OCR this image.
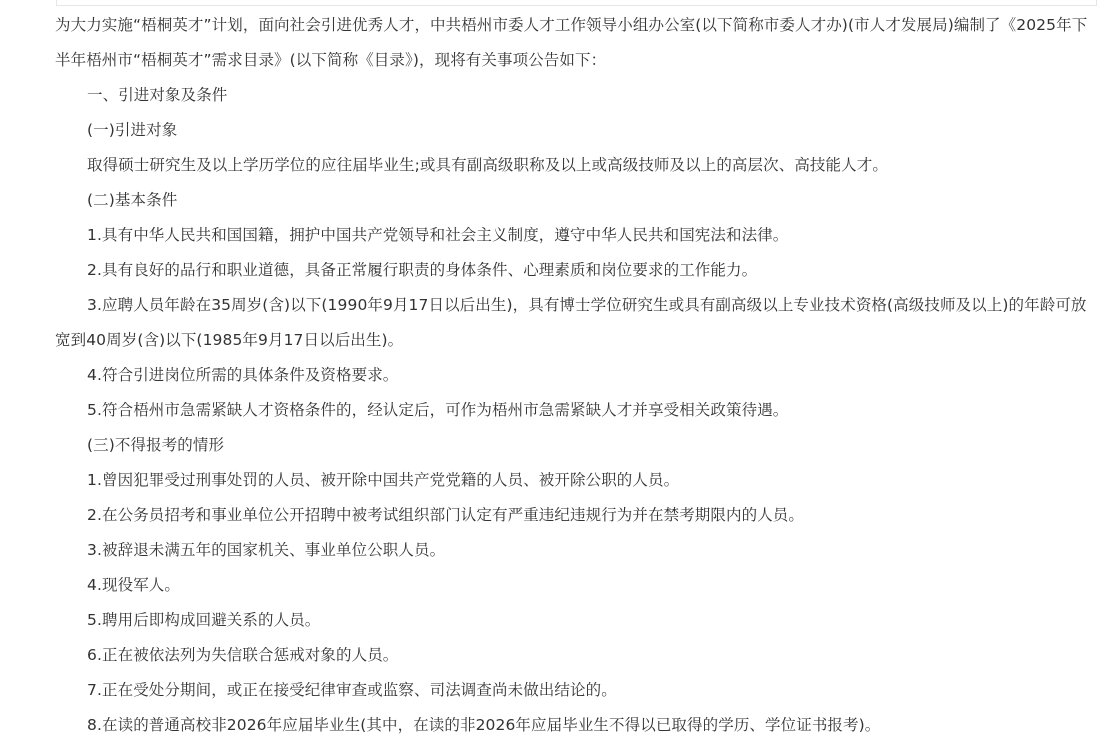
为大力实施“梧桐英才”计划，面向社会引进优秀人才，中共梧州市委人才工作领导小组办公室(以下简称市委人才办)(市人才发展局)编制了《2025年下半年梧州市“梧桐英才”需求目录》(以下简称《目录》)，现将有关事项公告如下：

一、引进对象及条件

(一)引进对象

取得硕士研究生及以上学历学位的应往届毕业生;或具有副高级职称及以上或高级技师及以上的高层次、高技能人才。

(二)基本条件

1.具有中华人民共和国国籍，拥护中国共产党领导和社会主义制度，遵守中华人民共和国宪法和法律。

2.具有良好的品行和职业道德，具备正常履行职责的身体条件、心理素质和岗位要求的工作能力。

3.应聘人员年龄在35周岁(含)以下(1990年9月17日以后出生)，具有博士学位研究生或具有副高级以上专业技术资格(高级技师及以上)的年龄可放宽到40周岁(含)以下(1985年9月17日以后出生)。

4.符合引进岗位所需的具体条件及资格要求。

5.符合梧州市急需紧缺人才资格条件的，经认定后，可作为梧州市急需紧缺人才并享受相关政策待遇。

(三)不得报考的情形

1.曾因犯罪受过刑事处罚的人员、被开除中国共产党党籍的人员、被开除公职的人员。

2.在公务员招考和事业单位公开招聘中被考试组织部门认定有严重违纪违规行为并在禁考期限内的人员。

3.被辞退未满五年的国家机关、事业单位公职人员。

4.现役军人。

5.聘用后即构成回避关系的人员。

6.正在被依法列为失信联合惩戒对象的人员。

7.正在受处分期间，或正在接受纪律审查或监察、司法调查尚未做出结论的。

8.在读的普通高校非2026年应届毕业生(其中，在读的非2026年应届毕业生不得以已取得的学历、学位证书报考)。
